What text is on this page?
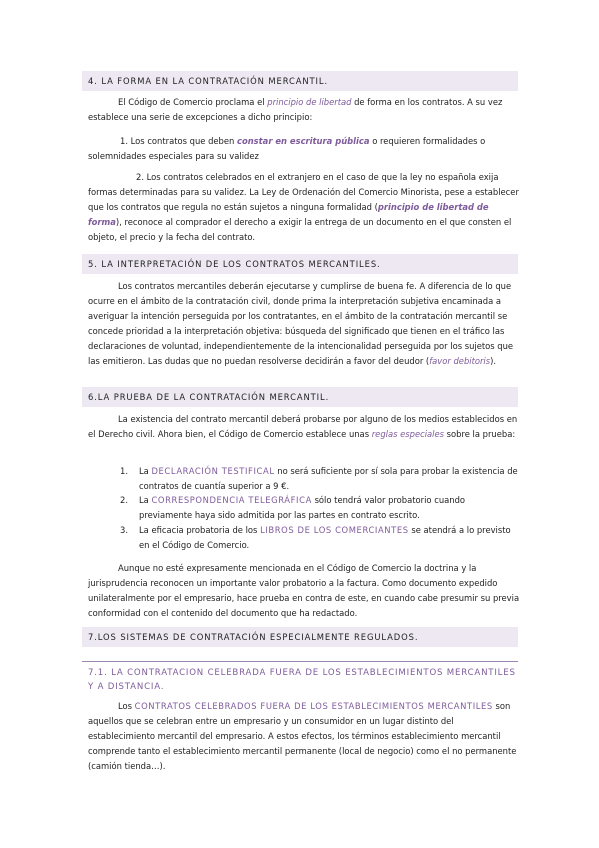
4. LA FORMA EN LA CONTRATACIÓN MERCANTIL.
El Código de Comercio proclama el principio de libertad de forma en los contratos. A su vez establece una serie de excepciones a dicho principio:
1. Los contratos que deben constar en escritura pública o requieren formalidades o solemnidades especiales para su validez
2. Los contratos celebrados en el extranjero en el caso de que la ley no española exija formas determinadas para su validez. La Ley de Ordenación del Comercio Minorista, pese a establecer que los contratos que regula no están sujetos a ninguna formalidad (principio de libertad de forma), reconoce al comprador el derecho a exigir la entrega de un documento en el que consten el objeto, el precio y la fecha del contrato.
5. LA INTERPRETACIÓN DE LOS CONTRATOS MERCANTILES.
Los contratos mercantiles deberán ejecutarse y cumplirse de buena fe. A diferencia de lo que ocurre en el ámbito de la contratación civil, donde prima la interpretación subjetiva encaminada a averiguar la intención perseguida por los contratantes, en el ámbito de la contratación mercantil se concede prioridad a la interpretación objetiva: búsqueda del significado que tienen en el tráfico las declaraciones de voluntad, independientemente de la intencionalidad perseguida por los sujetos que las emitieron. Las dudas que no puedan resolverse decidirán a favor del deudor (favor debitoris).
6.LA PRUEBA DE LA CONTRATACIÓN MERCANTIL.
La existencia del contrato mercantil deberá probarse por alguno de los medios establecidos en el Derecho civil. Ahora bien, el Código de Comercio establece unas reglas especiales sobre la prueba:
1. La DECLARACIÓN TESTIFICAL no será suficiente por sí sola para probar la existencia de contratos de cuantía superior a 9 €.
2. La CORRESPONDENCIA TELEGRÁFICA sólo tendrá valor probatorio cuando previamente haya sido admitida por las partes en contrato escrito.
3. La eficacia probatoria de los LIBROS DE LOS COMERCIANTES se atendrá a lo previsto en el Código de Comercio.
Aunque no esté expresamente mencionada en el Código de Comercio la doctrina y la jurisprudencia reconocen un importante valor probatorio a la factura. Como documento expedido unilateralmente por el empresario, hace prueba en contra de este, en cuando cabe presumir su previa conformidad con el contenido del documento que ha redactado.
7.LOS SISTEMAS DE CONTRATACIÓN ESPECIALMENTE REGULADOS.
7.1. LA CONTRATACION CELEBRADA FUERA DE LOS ESTABLECIMIENTOS MERCANTILES Y A DISTANCIA.
Los CONTRATOS CELEBRADOS FUERA DE LOS ESTABLECIMIENTOS MERCANTILES son aquellos que se celebran entre un empresario y un consumidor en un lugar distinto del establecimiento mercantil del empresario. A estos efectos, los términos establecimiento mercantil comprende tanto el establecimiento mercantil permanente (local de negocio) como el no permanente (camión tienda…).
